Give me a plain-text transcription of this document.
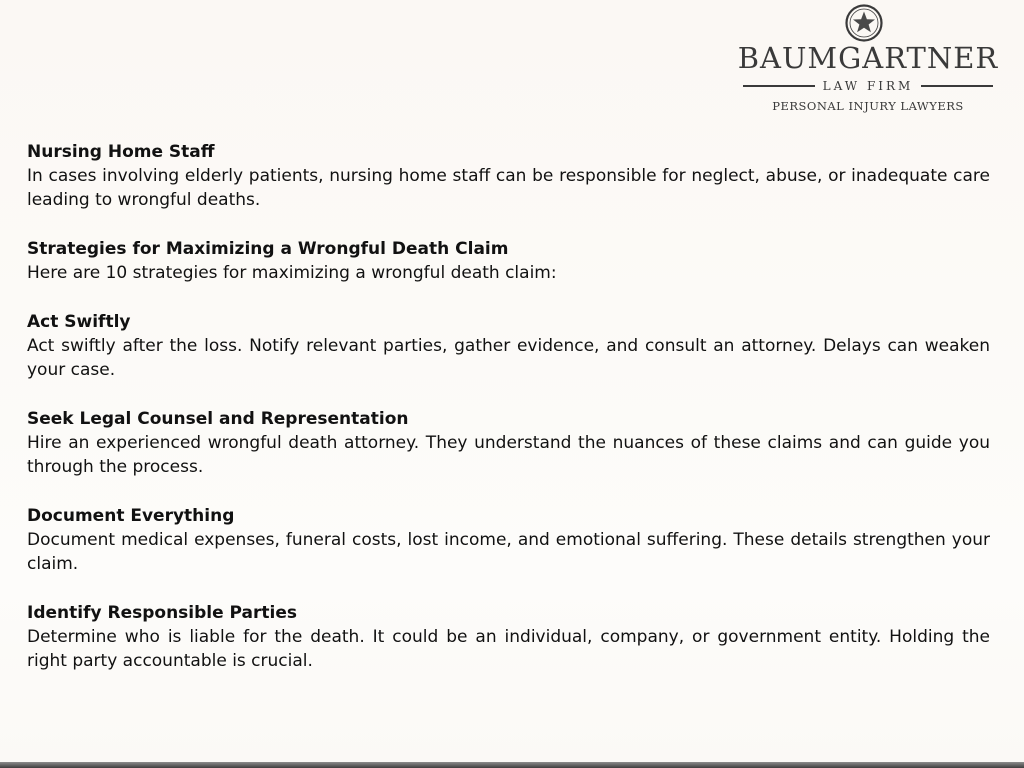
BAUMGARTNER
LAW FIRM
PERSONAL INJURY LAWYERS
Nursing Home Staff

In cases involving elderly patients, nursing home staff can be responsible for neglect, abuse, or inadequate care leading to wrongful deaths.

Strategies for Maximizing a Wrongful Death Claim

Here are 10 strategies for maximizing a wrongful death claim:

Act Swiftly

Act swiftly after the loss. Notify relevant parties, gather evidence, and consult an attorney. Delays can weaken your case.

Seek Legal Counsel and Representation

Hire an experienced wrongful death attorney. They understand the nuances of these claims and can guide you through the process.

Document Everything

Document medical expenses, funeral costs, lost income, and emotional suffering. These details strengthen your claim.

Identify Responsible Parties

Determine who is liable for the death. It could be an individual, company, or government entity. Holding the right party accountable is crucial.
